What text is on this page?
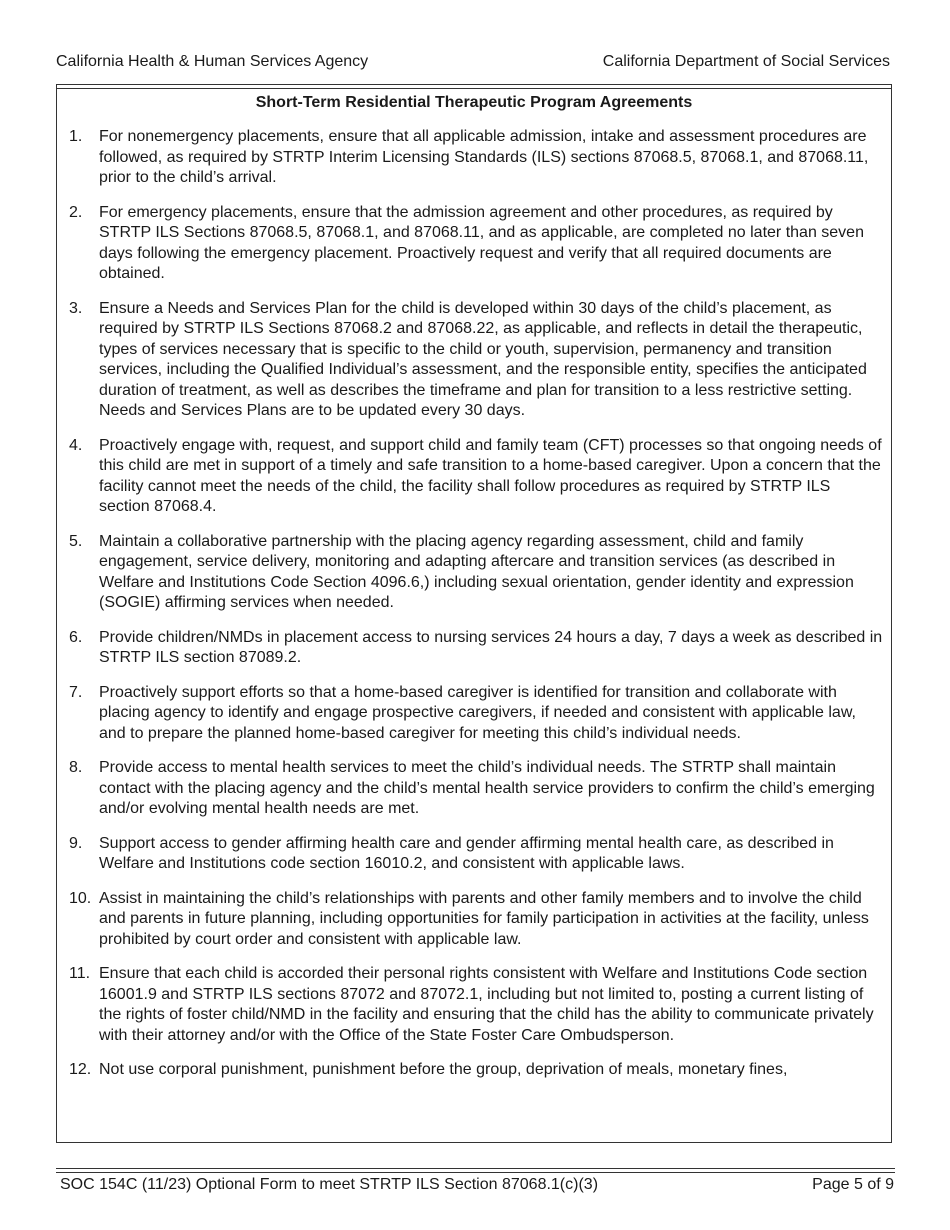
California Health & Human Services Agency	California Department of Social Services
Short-Term Residential Therapeutic Program Agreements
1.	For nonemergency placements, ensure that all applicable admission, intake and assessment procedures are followed, as required by STRTP Interim Licensing Standards (ILS) sections 87068.5, 87068.1, and 87068.11, prior to the child’s arrival.
2.	For emergency placements, ensure that the admission agreement and other procedures, as required by STRTP ILS Sections 87068.5, 87068.1, and 87068.11, and as applicable, are completed no later than seven days following the emergency placement. Proactively request and verify that all required documents are obtained.
3.	Ensure a Needs and Services Plan for the child is developed within 30 days of the child’s placement, as required by STRTP ILS Sections 87068.2 and 87068.22, as applicable, and reflects in detail the therapeutic, types of services necessary that is specific to the child or youth, supervision, permanency and transition services, including the Qualified Individual’s assessment, and the responsible entity, specifies the anticipated duration of treatment, as well as describes the timeframe and plan for transition to a less restrictive setting. Needs and Services Plans are to be updated every 30 days.
4.	Proactively engage with, request, and support child and family team (CFT) processes so that ongoing needs of this child are met in support of a timely and safe transition to a home-based caregiver. Upon a concern that the facility cannot meet the needs of the child, the facility shall follow procedures as required by STRTP ILS section 87068.4.
5.	Maintain a collaborative partnership with the placing agency regarding assessment, child and family engagement, service delivery, monitoring and adapting aftercare and transition services (as described in Welfare and Institutions Code Section 4096.6,) including sexual orientation, gender identity and expression (SOGIE) affirming services when needed.
6.	Provide children/NMDs in placement access to nursing services 24 hours a day, 7 days a week as described in STRTP ILS section 87089.2.
7.	Proactively support efforts so that a home-based caregiver is identified for transition and collaborate with placing agency to identify and engage prospective caregivers, if needed and consistent with applicable law, and to prepare the planned home-based caregiver for meeting this child’s individual needs.
8.	Provide access to mental health services to meet the child’s individual needs. The STRTP shall maintain contact with the placing agency and the child’s mental health service providers to confirm the child’s emerging and/or evolving mental health needs are met.
9.	Support access to gender affirming health care and gender affirming mental health care, as described in Welfare and Institutions code section 16010.2, and consistent with applicable laws.
10. Assist in maintaining the child’s relationships with parents and other family members and to involve the child and parents in future planning, including opportunities for family participation in activities at the facility, unless prohibited by court order and consistent with applicable law.
11. Ensure that each child is accorded their personal rights consistent with Welfare and Institutions Code section 16001.9 and STRTP ILS sections 87072 and 87072.1, including but not limited to, posting a current listing of the rights of foster child/NMD in the facility and ensuring that the child has the ability to communicate privately with their attorney and/or with the Office of the State Foster Care Ombudsperson.
12. Not use corporal punishment, punishment before the group, deprivation of meals, monetary fines,
SOC 154C (11/23) Optional Form to meet STRTP ILS Section 87068.1(c)(3)	Page 5 of 9
